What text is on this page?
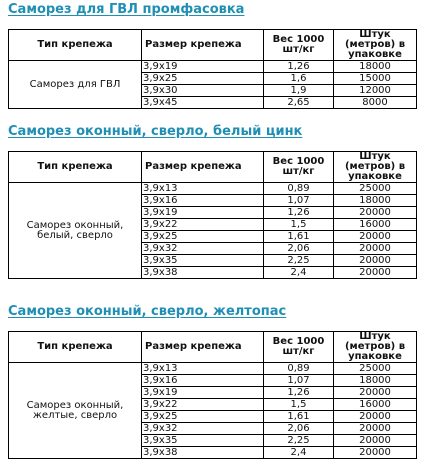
Саморез для ГВЛ промфасовка
Тип крепежа	Размер крепежа	Вес 1000 шт/кг	Штук (метров) в упаковке
Саморез для ГВЛ	3,9х19	1,26	18000
	3,9х25	1,6	15000
	3,9х30	1,9	12000
	3,9х45	2,65	8000
Саморез оконный, сверло, белый цинк
Тип крепежа	Размер крепежа	Вес 1000 шт/кг	Штук (метров) в упаковке
Саморез оконный, белый, сверло	3,9х13	0,89	25000
	3,9х16	1,07	18000
	3,9х19	1,26	20000
	3,9х22	1,5	16000
	3,9х25	1,61	20000
	3,9х32	2,06	20000
	3,9х35	2,25	20000
	3,9х38	2,4	20000
Саморез оконный, сверло, желтопас
Тип крепежа	Размер крепежа	Вес 1000 шт/кг	Штук (метров) в упаковке
Саморез оконный, желтые, сверло	3,9х13	0,89	25000
	3,9х16	1,07	18000
	3,9х19	1,26	20000
	3,9х22	1,5	16000
	3,9х25	1,61	20000
	3,9х32	2,06	20000
	3,9х35	2,25	20000
	3,9х38	2,4	20000
